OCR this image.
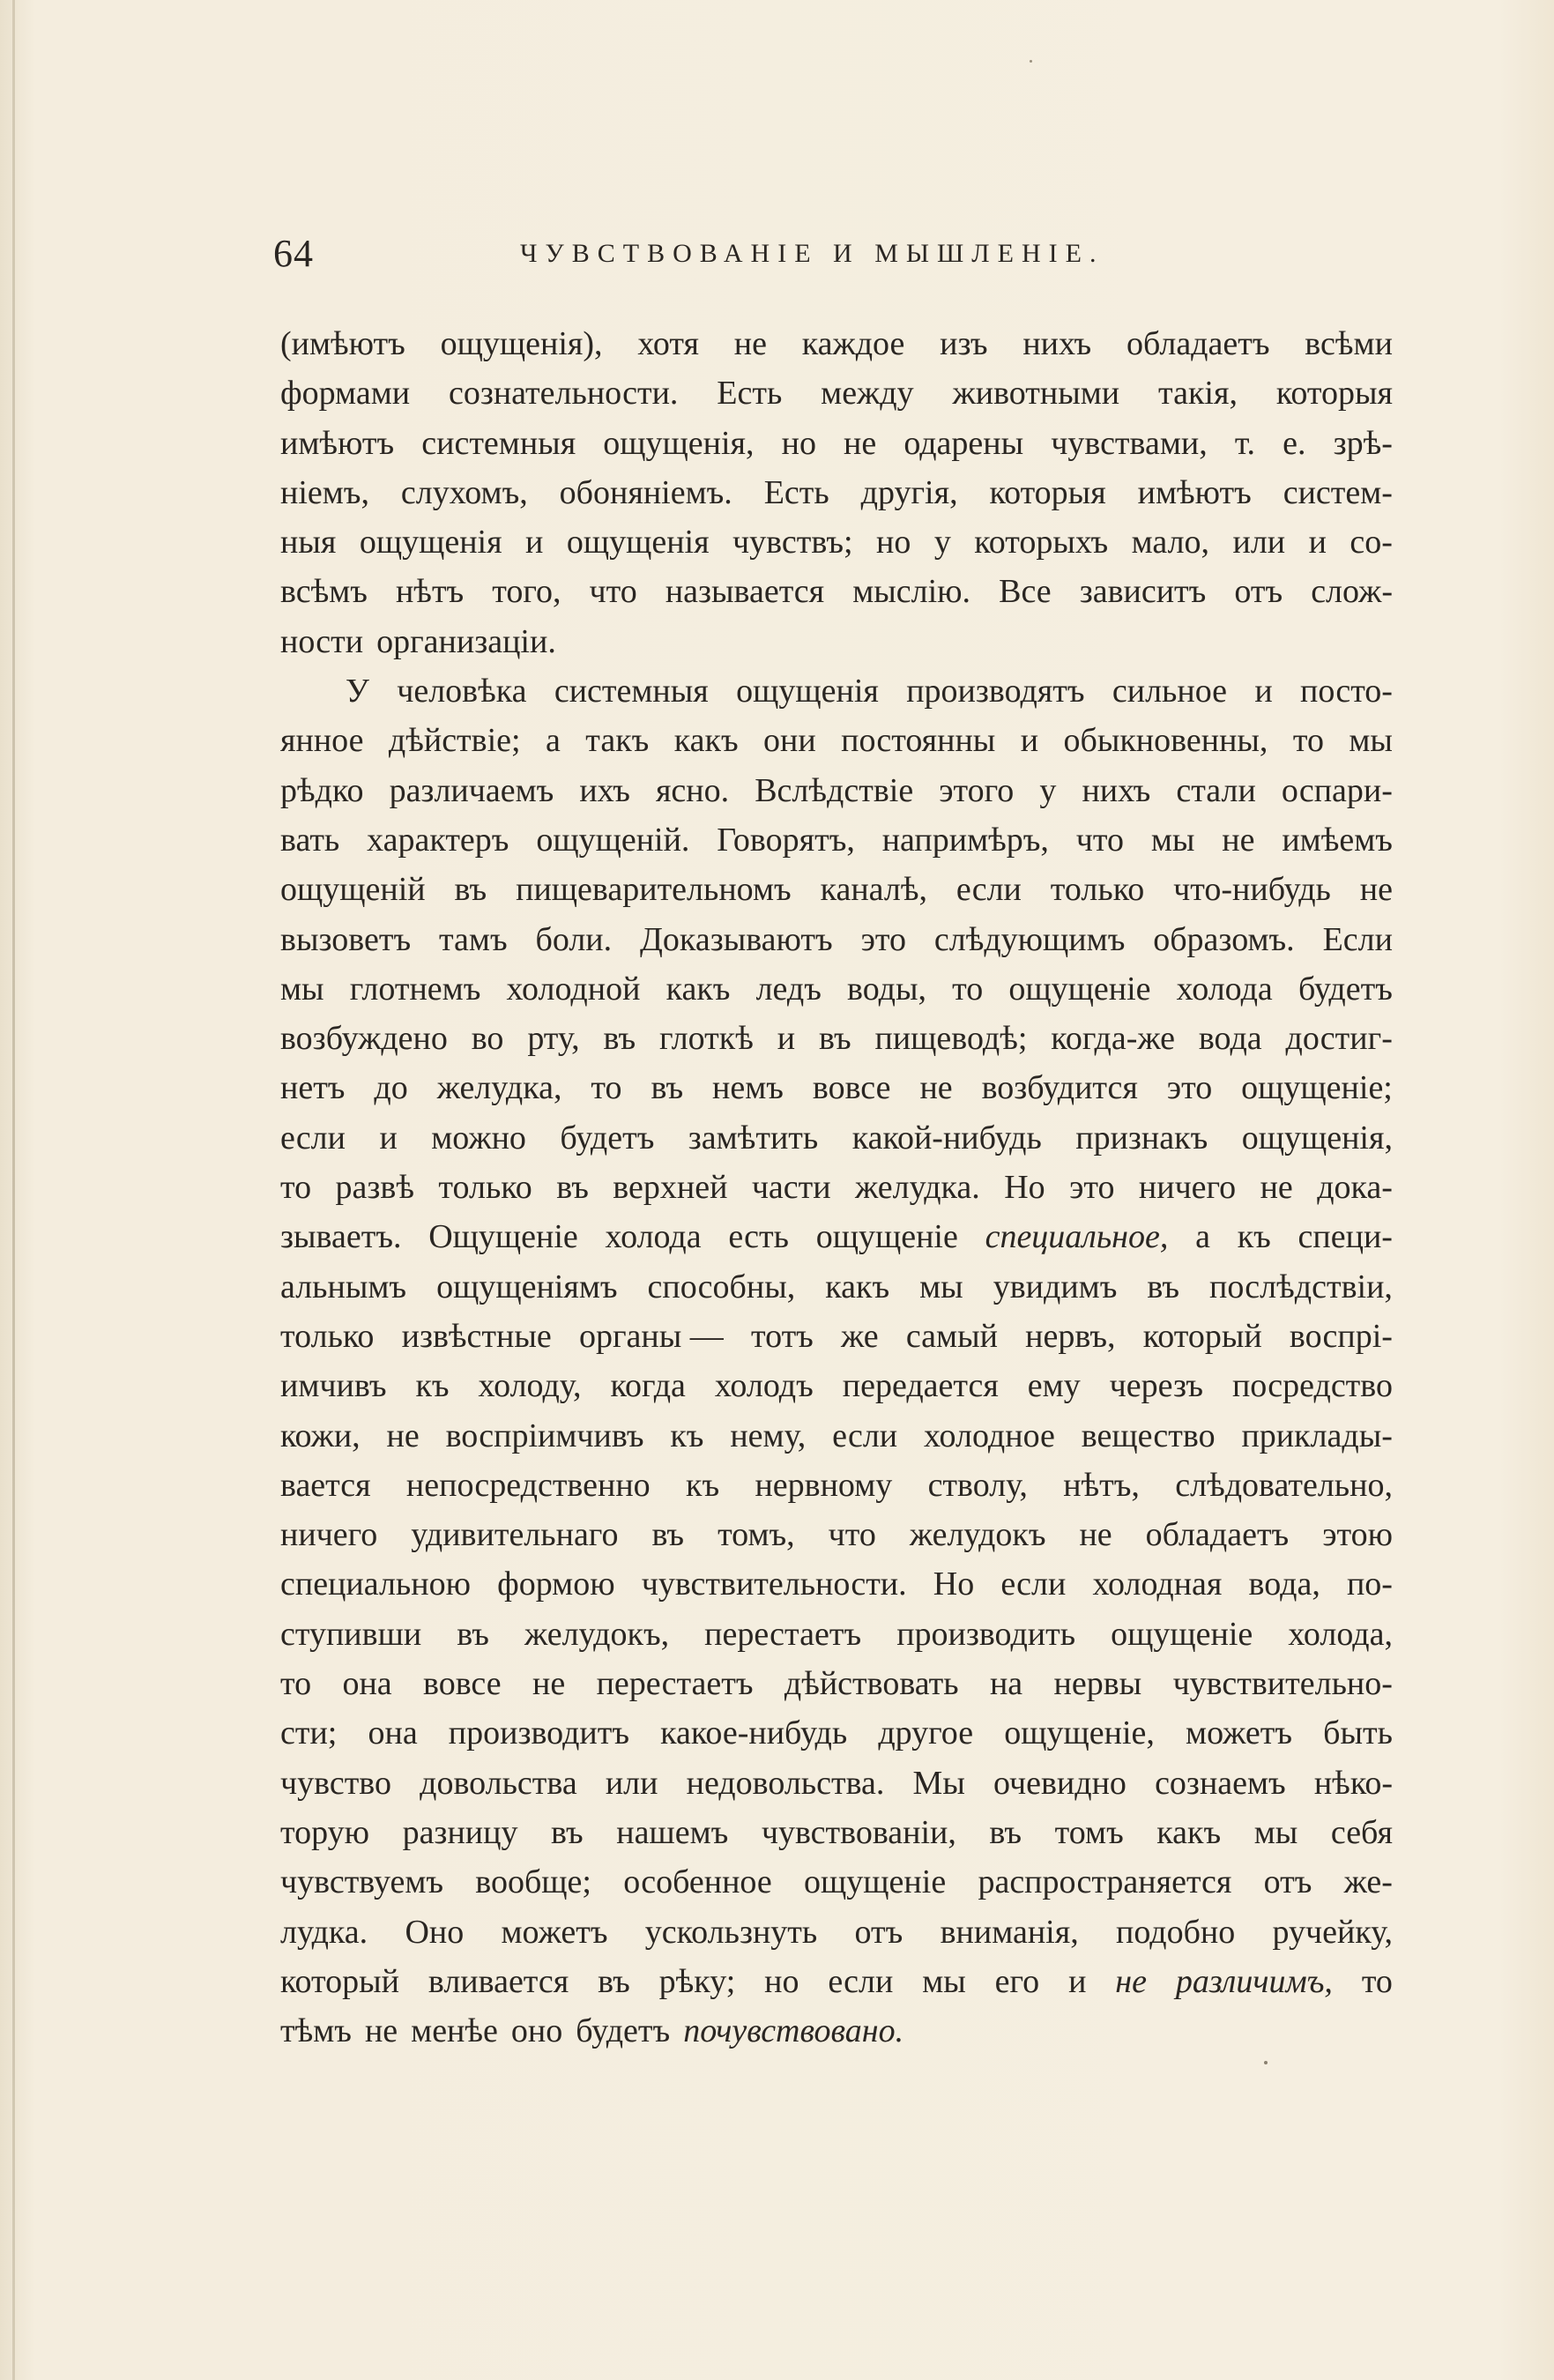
64	ЧУВСТВОВАНІЕ И МЫШЛЕНІЕ.
(имѣютъ ощущенія), хотя не каждое изъ нихъ обладаетъ всѣми
формами сознательности. Есть между животными такія, которыя
имѣютъ системныя ощущенія, но не одарены чувствами, т. е. зрѣ-
ніемъ, слухомъ, обоняніемъ. Есть другія, которыя имѣютъ систем-
ныя ощущенія и ощущенія чувствъ; но у которыхъ мало, или и со-
всѣмъ нѣтъ того, что называется мыслію. Все зависитъ отъ слож-
ности организаціи.
У человѣка системныя ощущенія производятъ сильное и посто-
янное дѣйствіе; а такъ какъ они постоянны и обыкновенны, то мы
рѣдко различаемъ ихъ ясно. Вслѣдствіе этого у нихъ стали оспари-
вать характеръ ощущеній. Говорятъ, напримѣръ, что мы не имѣемъ
ощущеній въ пищеварительномъ каналѣ, если только что-нибудь не
вызоветъ тамъ боли. Доказываютъ это слѣдующимъ образомъ. Если
мы глотнемъ холодной какъ ледъ воды, то ощущеніе холода будетъ
возбуждено во рту, въ глоткѣ и въ пищеводѣ; когда-же вода достиг-
нетъ до желудка, то въ немъ вовсе не возбудится это ощущеніе;
если и можно будетъ замѣтить какой-нибудь признакъ ощущенія,
то развѣ только въ верхней части желудка. Но это ничего не дока-
зываетъ. Ощущеніе холода есть ощущеніе специальное, а къ специ-
альнымъ ощущеніямъ способны, какъ мы увидимъ въ послѣдствіи,
только извѣстные органы — тотъ же самый нервъ, который воспрі-
имчивъ къ холоду, когда холодъ передается ему черезъ посредство
кожи, не воспріимчивъ къ нему, если холодное вещество приклады-
вается непосредственно къ нервному стволу, нѣтъ, слѣдовательно,
ничего удивительнаго въ томъ, что желудокъ не обладаетъ этою
специальною формою чувствительности. Но если холодная вода, по-
ступивши въ желудокъ, перестаетъ производить ощущеніе холода,
то она вовсе не перестаетъ дѣйствовать на нервы чувствительно-
сти; она производитъ какое-нибудь другое ощущеніе, можетъ быть
чувство довольства или недовольства. Мы очевидно сознаемъ нѣко-
торую разницу въ нашемъ чувствованіи, въ томъ какъ мы себя
чувствуемъ вообще; особенное ощущеніе распространяется отъ же-
лудка. Оно можетъ ускользнуть отъ вниманія, подобно ручейку,
который вливается въ рѣку; но если мы его и не различимъ, то
тѣмъ не менѣе оно будетъ почувствовано.
